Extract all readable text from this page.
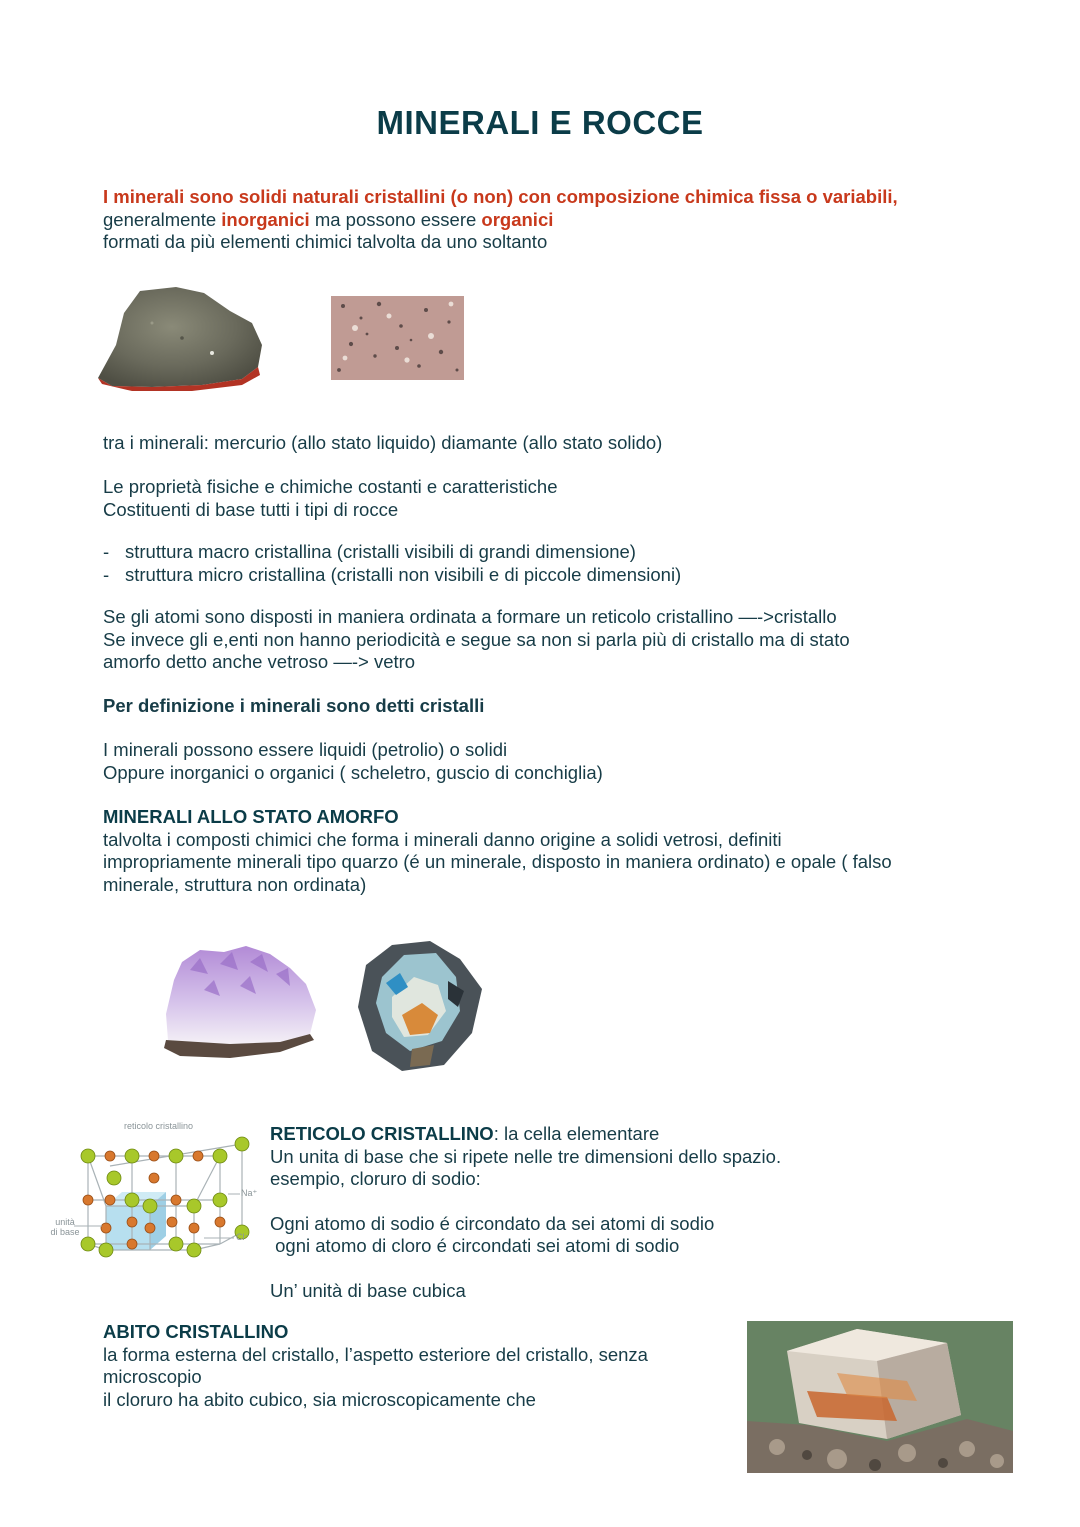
MINERALI E ROCCE
I minerali sono solidi naturali cristallini (o non) con composizione chimica fissa o variabili,
generalmente inorganici ma possono essere organici
formati da più elementi chimici talvolta da uno soltanto
tra i minerali: mercurio (allo stato liquido) diamante (allo stato solido)
Le proprietà fisiche e chimiche costanti e caratteristiche
Costituenti di base tutti i tipi di rocce
- struttura macro cristallina (cristalli visibili di grandi dimensione)
- struttura micro cristallina (cristalli non visibili e di piccole dimensioni)
Se gli atomi sono disposti in maniera ordinata a formare un reticolo cristallino —->cristallo
Se invece gli e,enti non hanno periodicità e segue sa non si parla più di cristallo ma di stato
amorfo detto anche vetroso —-> vetro
Per definizione i minerali sono detti cristalli
I minerali possono essere liquidi (petrolio) o solidi
Oppure inorganici o organici ( scheletro, guscio di conchiglia)
MINERALI ALLO STATO AMORFO
talvolta i composti chimici che forma i minerali danno origine a solidi vetrosi, definiti
impropriamente minerali tipo quarzo (é un minerale, disposto in maniera ordinato) e opale ( falso
minerale, struttura non ordinata)
reticolo cristallino
Na⁺
Cl⁻
unità
di base
RETICOLO CRISTALLINO: la cella elementare
Un unita di base che si ripete nelle tre dimensioni dello spazio.
esempio, cloruro di sodio:
Ogni atomo di sodio é circondato da sei atomi di sodio
ogni atomo di cloro é circondati sei atomi di sodio
Un’ unità di base cubica
ABITO CRISTALLINO
la forma esterna del cristallo, l’aspetto esteriore del cristallo, senza
microscopio
il cloruro ha abito cubico, sia microscopicamente che
